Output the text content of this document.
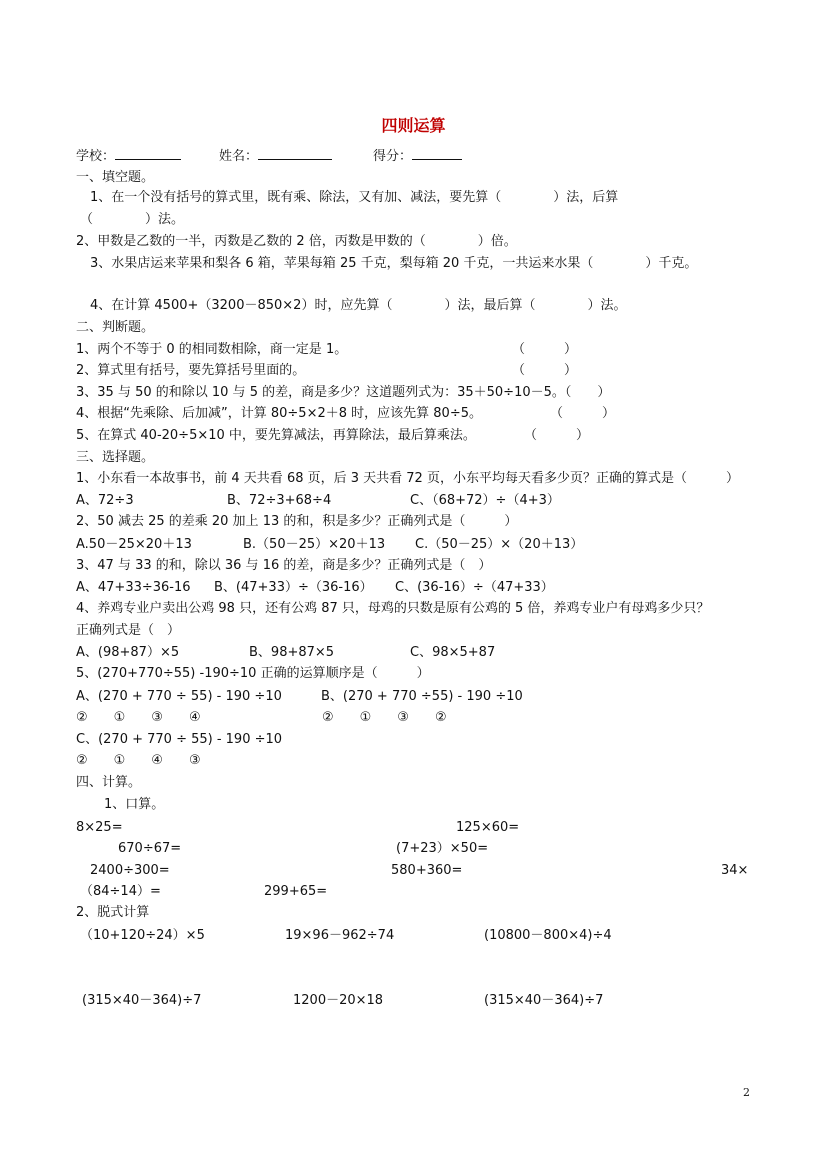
四则运算
学校：	姓名：	得分：
一、填空题。
1、在一个没有括号的算式里，既有乘、除法，又有加、减法，要先算（　　　　）法，后算
（　　　　）法。
2、甲数是乙数的一半，丙数是乙数的 2 倍，丙数是甲数的（　　　　）倍。
3、水果店运来苹果和梨各 6 箱，苹果每箱 25 千克，梨每箱 20 千克，一共运来水果（　　　　）千克。
4、在计算 4500+（3200－850×2）时，应先算（　　　　）法，最后算（　　　　）法。
二、判断题。
1、两个不等于 0 的相同数相除，商一定是 1。	（　　　）
2、算式里有括号，要先算括号里面的。	（　　　）
3、35 与 50 的和除以 10 与 5 的差，商是多少？这道题列式为：35＋50÷10－5。（　　）
4、根据“先乘除、后加减”，计算 80÷5×2＋8 时，应该先算 80÷5。	（　　　）
5、在算式 40-20÷5×10 中，要先算减法，再算除法，最后算乘法。	（　　　）
三、选择题。
1、小东看一本故事书，前 4 天共看 68 页，后 3 天共看 72 页，小东平均每天看多少页？正确的算式是（　　　）
A、72÷3	B、72÷3+68÷4	C、（68+72）÷（4+3）
2、50 减去 25 的差乘 20 加上 13 的和，积是多少？正确列式是（　　　）
A.50－25×20＋13	B.（50－25）×20＋13 C.（50－25）×（20＋13）
3、47 与 33 的和，除以 36 与 16 的差，商是多少？正确列式是（　）
A、47+33÷36-16 B、(47+33）÷（36-16） C、(36-16）÷（47+33）
4、养鸡专业户卖出公鸡 98 只，还有公鸡 87 只，母鸡的只数是原有公鸡的 5 倍，养鸡专业户有母鸡多少只？
正确列式是（　）
A、(98+87）×5	B、98+87×5	C、98×5+87
5、(270+770÷55) -190÷10 正确的运算顺序是（　　　）
A、(270 + 770 ÷ 55) - 190 ÷10	B、(270 + 770 ÷55) - 190 ÷10
②　　①　　③　　④	②　　①　　③　　②
C、(270 + 770 ÷ 55) - 190 ÷10
②　　①　　④　　③
四、计算。
1、口算。
8×25=	125×60=
670÷67=	(7+23）×50=
2400÷300=	580+360=	34×
（84÷14）=	299+65=
2、脱式计算
（10+120÷24）×5	19×96－962÷74	(10800－800×4)÷4
(315×40－364)÷7	1200－20×18	(315×40－364)÷7
2
